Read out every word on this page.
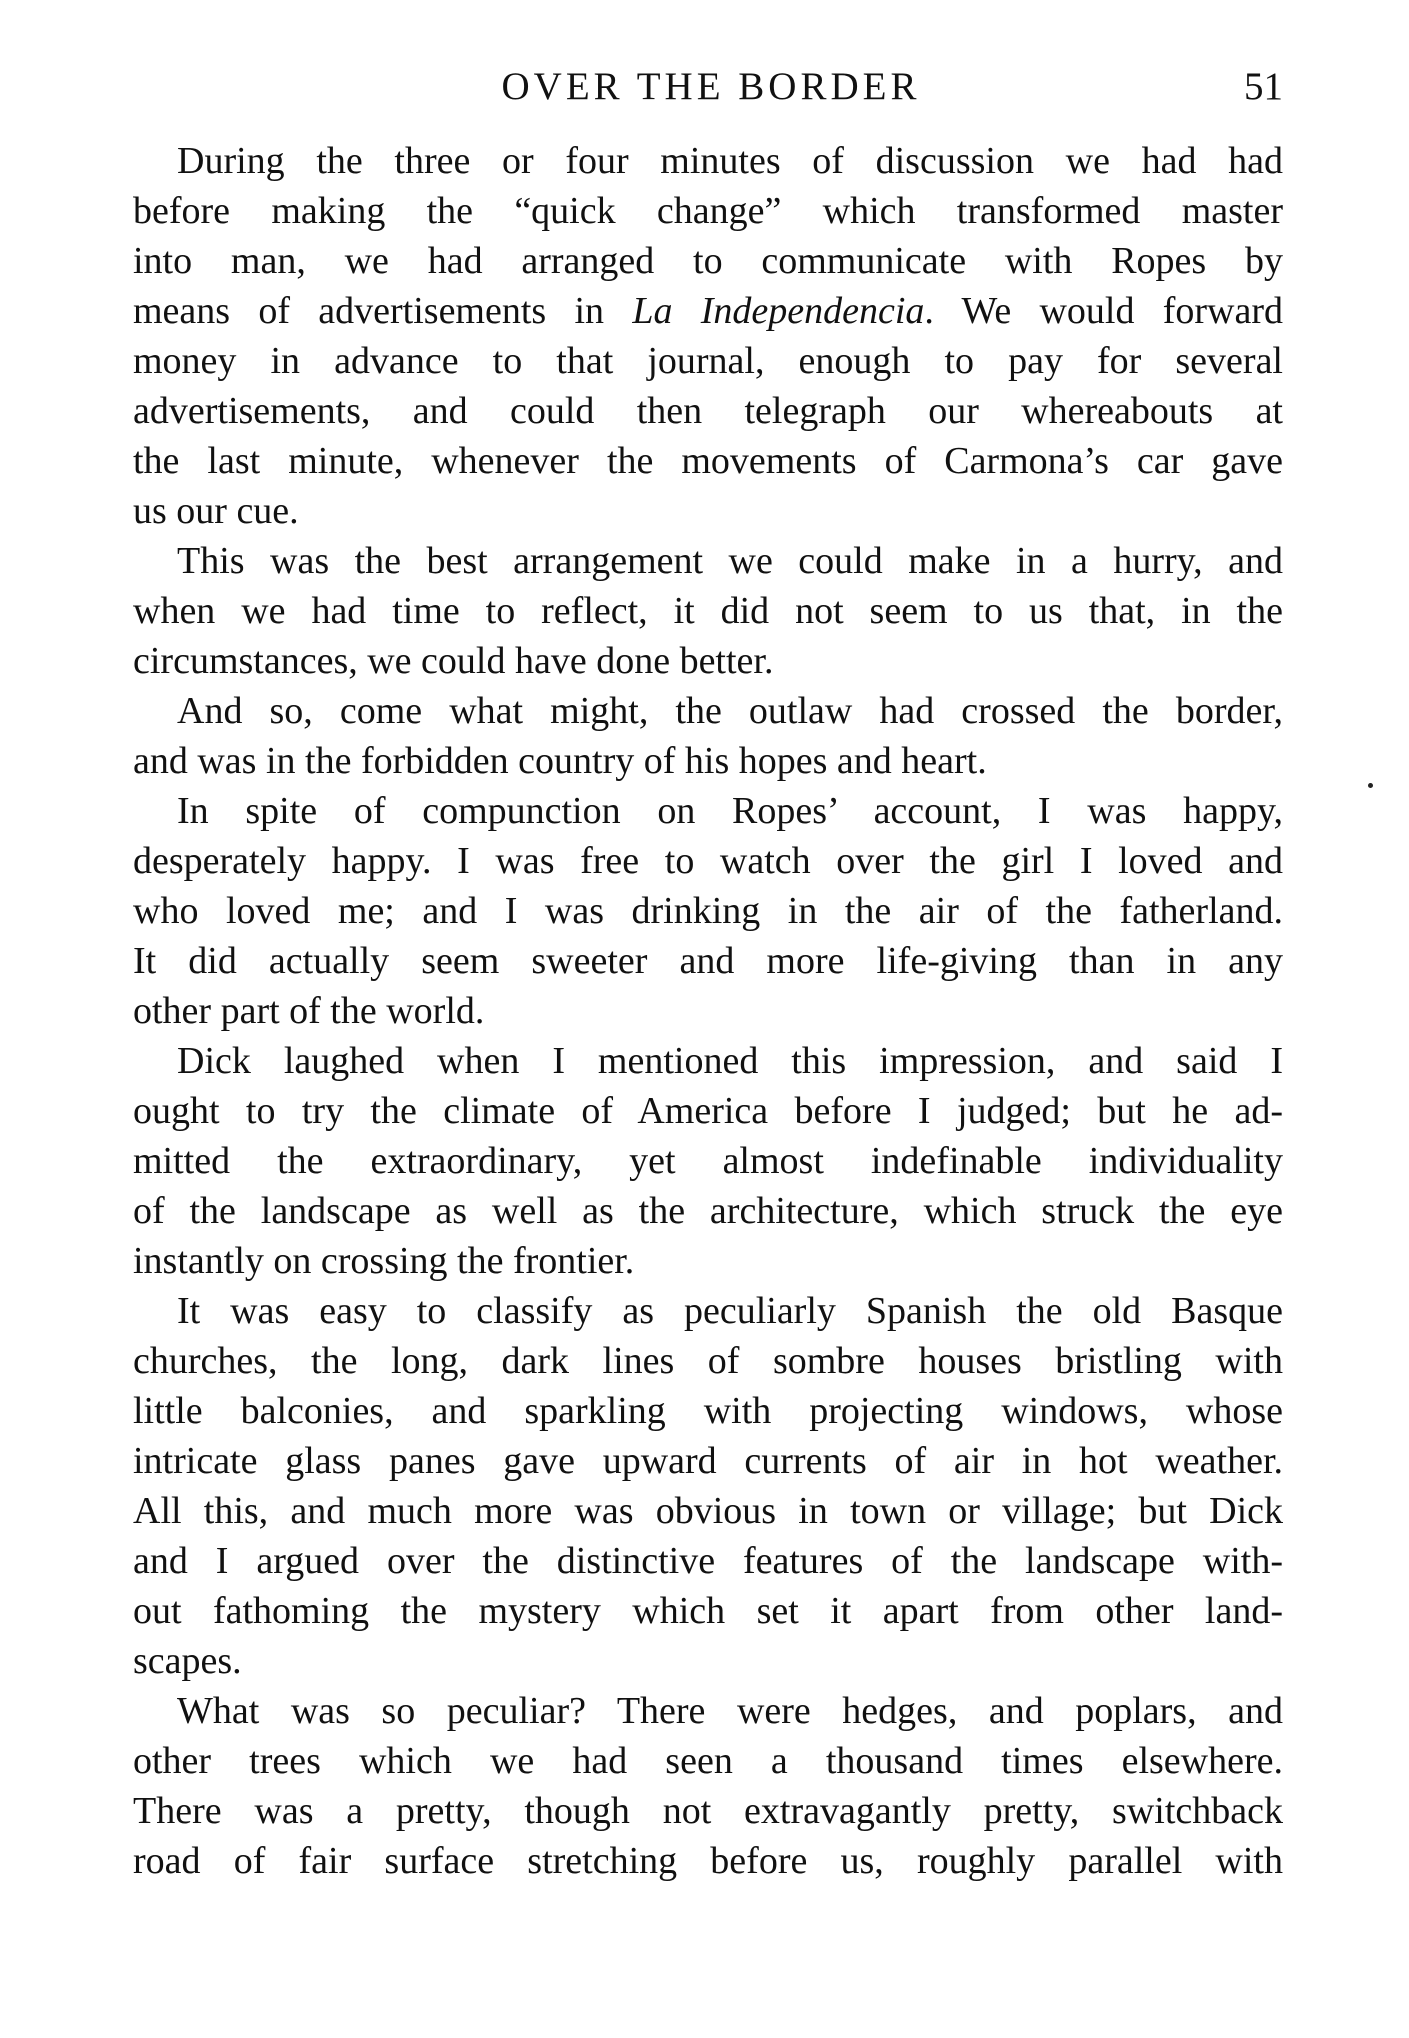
OVER THE BORDER	51
During the three or four minutes of discussion we had had
before making the “quick change” which transformed master
into man, we had arranged to communicate with Ropes by
means of advertisements in La Independencia. We would forward
money in advance to that journal, enough to pay for several
advertisements, and could then telegraph our whereabouts at
the last minute, whenever the movements of Carmona’s car gave
us our cue.
This was the best arrangement we could make in a hurry, and
when we had time to reflect, it did not seem to us that, in the
circumstances, we could have done better.
And so, come what might, the outlaw had crossed the border,
and was in the forbidden country of his hopes and heart.
In spite of compunction on Ropes’ account, I was happy,
desperately happy. I was free to watch over the girl I loved and
who loved me; and I was drinking in the air of the fatherland.
It did actually seem sweeter and more life-giving than in any
other part of the world.
Dick laughed when I mentioned this impression, and said I
ought to try the climate of America before I judged; but he ad-
mitted the extraordinary, yet almost indefinable individuality
of the landscape as well as the architecture, which struck the eye
instantly on crossing the frontier.
It was easy to classify as peculiarly Spanish the old Basque
churches, the long, dark lines of sombre houses bristling with
little balconies, and sparkling with projecting windows, whose
intricate glass panes gave upward currents of air in hot weather.
All this, and much more was obvious in town or village; but Dick
and I argued over the distinctive features of the landscape with-
out fathoming the mystery which set it apart from other land-
scapes.
What was so peculiar? There were hedges, and poplars, and
other trees which we had seen a thousand times elsewhere.
There was a pretty, though not extravagantly pretty, switchback
road of fair surface stretching before us, roughly parallel with
